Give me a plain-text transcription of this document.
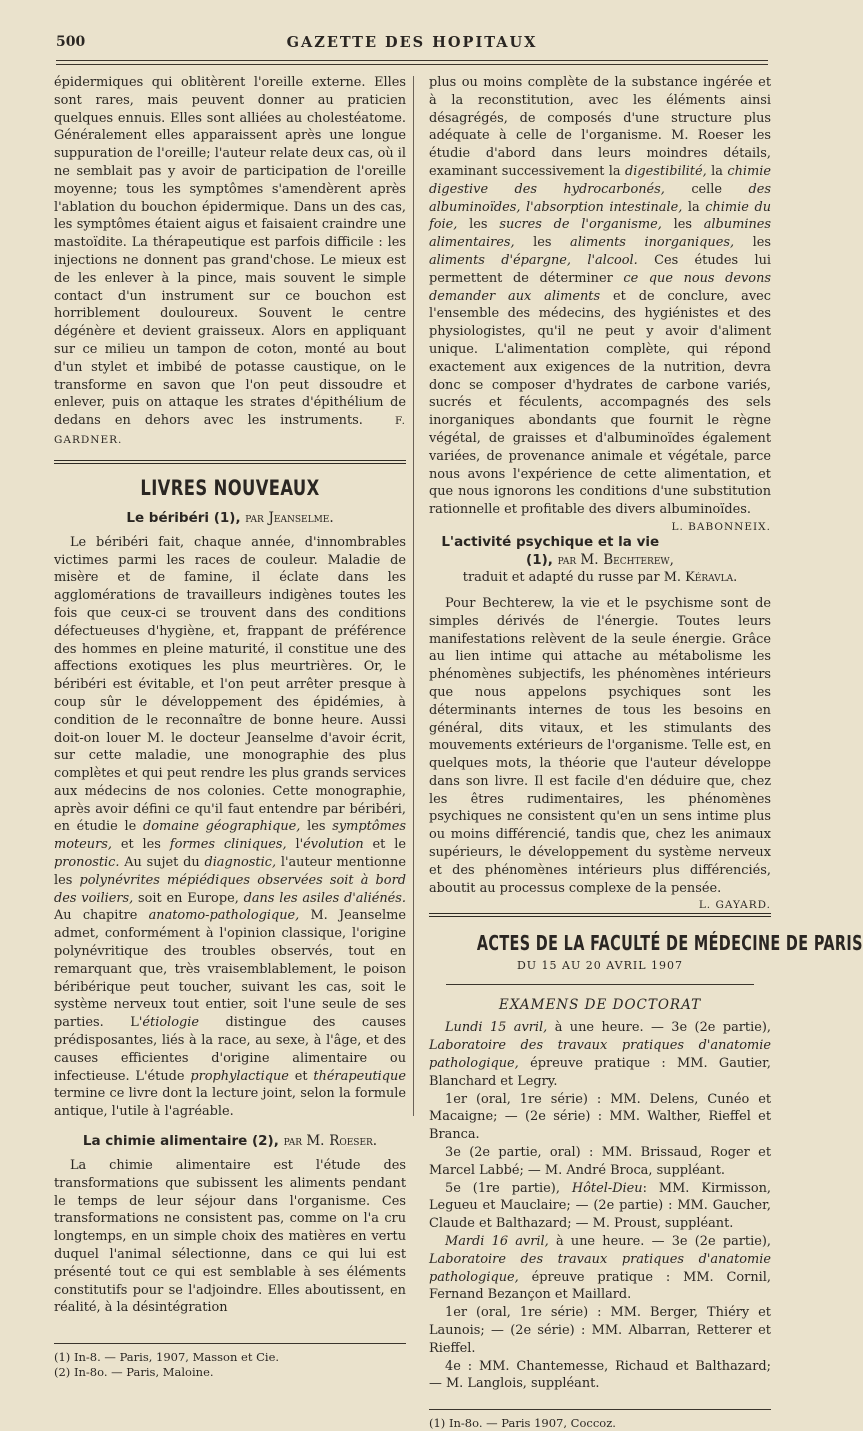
500	GAZETTE DES HOPITAUX

épidermiques qui oblitèrent l'oreille externe. Elles sont rares, mais peuvent donner au praticien quelques ennuis. Elles sont alliées au cholestéatome. Généralement elles apparaissent après une longue suppuration de l'oreille; l'auteur relate deux cas, où il ne semblait pas y avoir de participation de l'oreille moyenne; tous les symptômes s'amendèrent après l'ablation du bouchon épidermique. Dans un des cas, les symptômes étaient aigus et faisaient craindre une mastoïdite. La thérapeutique est parfois difficile : les injections ne donnent pas grand'chose. Le mieux est de les enlever à la pince, mais souvent le simple contact d'un instrument sur ce bouchon est horriblement douloureux. Souvent le centre dégénère et devient graisseux. Alors en appliquant sur ce milieu un tampon de coton, monté au bout d'un stylet et imbibé de potasse caustique, on le transforme en savon que l'on peut dissoudre et enlever, puis on attaque les strates d'épithélium de dedans en dehors avec les instruments.	F. GARDNER.

LIVRES NOUVEAUX
Le béribéri (1), par Jeanselme.

Le béribéri fait, chaque année, d'innombrables victimes parmi les races de couleur. Maladie de misère et de famine, il éclate dans les agglomérations de travailleurs indigènes toutes les fois que ceux-ci se trouvent dans des conditions défectueuses d'hygiène, et, frappant de préférence des hommes en pleine maturité, il constitue une des affections exotiques les plus meurtrières. Or, le béribéri est évitable, et l'on peut arrêter presque à coup sûr le développement des épidémies, à condition de le reconnaître de bonne heure. Aussi doit-on louer M. le docteur Jeanselme d'avoir écrit, sur cette maladie, une monographie des plus complètes et qui peut rendre les plus grands services aux médecins de nos colonies. Cette monographie, après avoir défini ce qu'il faut entendre par béribéri, en étudie le domaine géographique, les symptômes moteurs, et les formes cliniques, l'évolution et le pronostic. Au sujet du diagnostic, l'auteur mentionne les polynévrites mépiédiques observées soit à bord des voiliers, soit en Europe, dans les asiles d'aliénés. Au chapitre anatomo-pathologique, M. Jeanselme admet, conformément à l'opinion classique, l'origine polynévritique des troubles observés, tout en remarquant que, très vraisemblablement, le poison béribérique peut toucher, suivant les cas, soit le système nerveux tout entier, soit l'une seule de ses parties. L'étiologie distingue des causes prédisposantes, liés à la race, au sexe, à l'âge, et des causes efficientes d'origine alimentaire ou infectieuse. L'étude prophylactique et thérapeutique termine ce livre dont la lecture joint, selon la formule antique, l'utile à l'agréable.

La chimie alimentaire (2), par M. Roeser.

La chimie alimentaire est l'étude des transformations que subissent les aliments pendant le temps de leur séjour dans l'organisme. Ces transformations ne consistent pas, comme on l'a cru longtemps, en un simple choix des matières en vertu duquel l'animal sélectionne, dans ce qui lui est présenté tout ce qui est semblable à ses éléments constitutifs pour se l'adjoindre. Elles aboutissent, en réalité, à la désintégration

(1) In-8. — Paris, 1907, Masson et Cie.
(2) In-8o. — Paris, Maloine.

plus ou moins complète de la substance ingérée et à la reconstitution, avec les éléments ainsi désagrégés, de composés d'une structure plus adéquate à celle de l'organisme. M. Roeser les étudie d'abord dans leurs moindres détails, examinant successivement la digestibilité, la chimie digestive des hydrocarbonés, celle des albuminoïdes, l'absorption intestinale, la chimie du foie, les sucres de l'organisme, les albumines alimentaires, les aliments inorganiques, les aliments d'épargne, l'alcool. Ces études lui permettent de déterminer ce que nous devons demander aux aliments et de conclure, avec l'ensemble des médecins, des hygiénistes et des physiologistes, qu'il ne peut y avoir d'aliment unique. L'alimentation complète, qui répond exactement aux exigences de la nutrition, devra donc se composer d'hydrates de carbone variés, sucrés et féculents, accompagnés des sels inorganiques abondants que fournit le règne végétal, de graisses et d'albuminoïdes également variées, de provenance animale et végétale, parce nous avons l'expérience de cette alimentation, et que nous ignorons les conditions d'une substitution rationnelle et profitable des divers albuminoïdes.
L. BABONNEIX.

L'activité psychique et la vie (1), par M. Bechterew,
traduit et adapté du russe par M. Kéravla.

Pour Bechterew, la vie et le psychisme sont de simples dérivés de l'énergie. Toutes leurs manifestations relèvent de la seule énergie. Grâce au lien intime qui attache au métabolisme les phénomènes subjectifs, les phénomènes intérieurs que nous appelons psychiques sont les déterminants internes de tous les besoins en général, dits vitaux, et les stimulants des mouvements extérieurs de l'organisme. Telle est, en quelques mots, la théorie que l'auteur développe dans son livre. Il est facile d'en déduire que, chez les êtres rudimentaires, les phénomènes psychiques ne consistent qu'en un sens intime plus ou moins différencié, tandis que, chez les animaux supérieurs, le développement du système nerveux et des phénomènes intérieurs plus différenciés, aboutit au processus complexe de la pensée.
L. GAYARD.

ACTES DE LA FACULTÉ DE MÉDECINE DE PARIS
DU 15 AU 20 AVRIL 1907
EXAMENS DE DOCTORAT

Lundi 15 avril, à une heure. — 3e (2e partie), Laboratoire des travaux pratiques d'anatomie pathologique, épreuve pratique : MM. Gautier, Blanchard et Legry.

1er (oral, 1re série) : MM. Delens, Cunéo et Macaigne; — (2e série) : MM. Walther, Rieffel et Branca.

3e (2e partie, oral) : MM. Brissaud, Roger et Marcel Labbé; — M. André Broca, suppléant.

5e (1re partie), Hôtel-Dieu: MM. Kirmisson, Legueu et Mauclaire; — (2e partie) : MM. Gaucher, Claude et Balthazard; — M. Proust, suppléant.

Mardi 16 avril, à une heure. — 3e (2e partie), Laboratoire des travaux pratiques d'anatomie pathologique, épreuve pratique : MM. Cornil, Fernand Bezançon et Maillard.

1er (oral, 1re série) : MM. Berger, Thiéry et Launois; — (2e série) : MM. Albarran, Retterer et Rieffel.

4e : MM. Chantemesse, Richaud et Balthazard; — M. Langlois, suppléant.

(1) In-8o. — Paris 1907, Coccoz.
